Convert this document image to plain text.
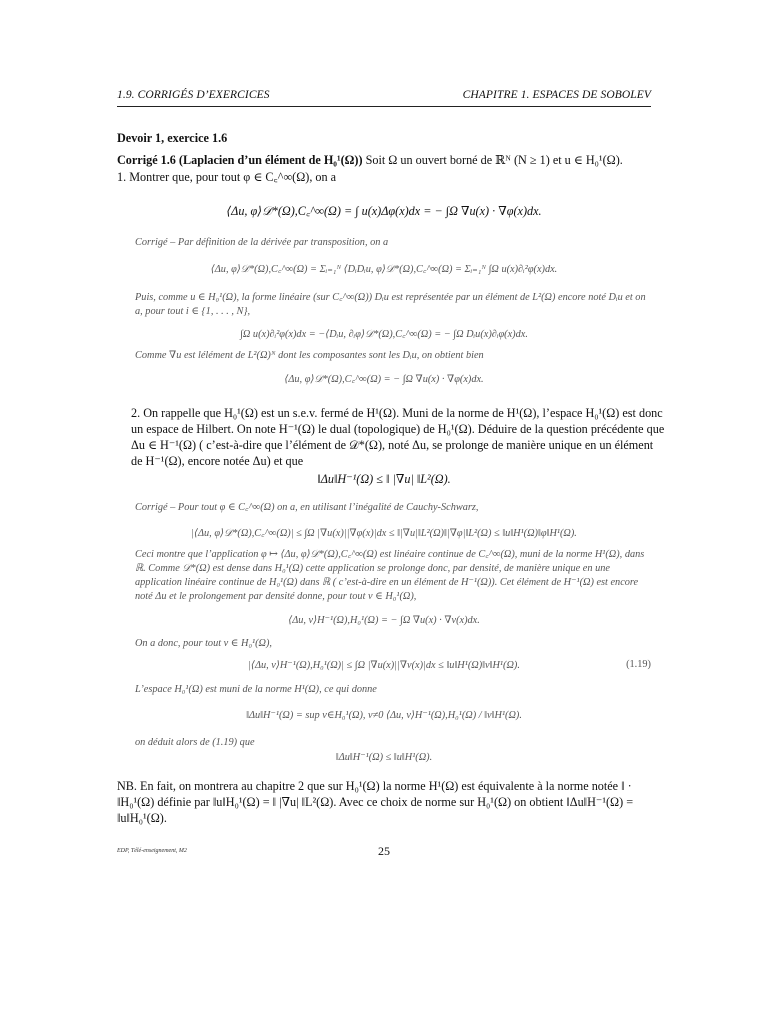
1.9. CORRIGÉS D’EXERCICES	CHAPITRE 1. ESPACES DE SOBOLEV
Devoir 1, exercice 1.6
Corrigé 1.6 (Laplacien d’un élément de H₀¹(Ω)) Soit Ω un ouvert borné de ℝᴺ (N ≥ 1) et u ∈ H₀¹(Ω).
1. Montrer que, pour tout φ ∈ C꜀^∞(Ω), on a
⟨Δu, φ⟩𝒟*(Ω),C꜀^∞(Ω) = ∫ u(x)Δφ(x)dx = − ∫Ω ∇u(x) · ∇φ(x)dx.
Corrigé – Par définition de la dérivée par transposition, on a
⟨Δu, φ⟩𝒟*(Ω),C꜀^∞(Ω) = Σᵢ₌₁ᴺ ⟨DᵢDᵢu, φ⟩𝒟*(Ω),C꜀^∞(Ω) = Σᵢ₌₁ᴺ ∫Ω u(x)∂ᵢ²φ(x)dx.
Puis, comme u ∈ H₀¹(Ω), la forme linéaire (sur C꜀^∞(Ω)) Dᵢu est représentée par un élément de L²(Ω) encore noté Dᵢu et on a, pour tout i ∈ {1, . . . , N},
∫Ω u(x)∂ᵢ²φ(x)dx = −⟨Dᵢu, ∂ᵢφ⟩𝒟*(Ω),C꜀^∞(Ω) = − ∫Ω Dᵢu(x)∂ᵢφ(x)dx.
Comme ∇u est lélément de L²(Ω)ᴺ dont les composantes sont les Dᵢu, on obtient bien
⟨Δu, φ⟩𝒟*(Ω),C꜀^∞(Ω) = − ∫Ω ∇u(x) · ∇φ(x)dx.
2. On rappelle que H₀¹(Ω) est un s.e.v. fermé de H¹(Ω). Muni de la norme de H¹(Ω), l’espace H₀¹(Ω) est donc un espace de Hilbert. On note H⁻¹(Ω) le dual (topologique) de H₀¹(Ω). Déduire de la question précédente que Δu ∈ H⁻¹(Ω) ( c’est-à-dire que l’élément de 𝒟*(Ω), noté Δu, se prolonge de manière unique en un élément de H⁻¹(Ω), encore notée Δu) et que
‖Δu‖H⁻¹(Ω) ≤ ‖ |∇u| ‖L²(Ω).
Corrigé – Pour tout φ ∈ C꜀^∞(Ω) on a, en utilisant l’inégalité de Cauchy-Schwarz,
|⟨Δu, φ⟩𝒟*(Ω),C꜀^∞(Ω)| ≤ ∫Ω |∇u(x)||∇φ(x)|dx ≤ ‖|∇u|‖L²(Ω)‖|∇φ|‖L²(Ω) ≤ ‖u‖H¹(Ω)‖φ‖H¹(Ω).
Ceci montre que l’application φ ↦ ⟨Δu, φ⟩𝒟*(Ω),C꜀^∞(Ω) est linéaire continue de C꜀^∞(Ω), muni de la norme H¹(Ω), dans ℝ. Comme 𝒟*(Ω) est dense dans H₀¹(Ω) cette application se prolonge donc, par densité, de manière unique en une application linéaire continue de H₀¹(Ω) dans ℝ ( c’est-à-dire en un élément de H⁻¹(Ω)). Cet élément de H⁻¹(Ω) est encore noté Δu et le prolongement par densité donne, pour tout v ∈ H₀¹(Ω),
⟨Δu, v⟩H⁻¹(Ω),H₀¹(Ω) = − ∫Ω ∇u(x) · ∇v(x)dx.
On a donc, pour tout v ∈ H₀¹(Ω),
|⟨Δu, v⟩H⁻¹(Ω),H₀¹(Ω)| ≤ ∫Ω |∇u(x)||∇v(x)|dx ≤ ‖u‖H¹(Ω)‖v‖H¹(Ω).	(1.19)
L’espace H₀¹(Ω) est muni de la norme H¹(Ω), ce qui donne
‖Δu‖H⁻¹(Ω) = sup v∈H₀¹(Ω), v≠0 ⟨Δu, v⟩H⁻¹(Ω),H₀¹(Ω) / ‖v‖H¹(Ω).
on déduit alors de (1.19) que
‖Δu‖H⁻¹(Ω) ≤ ‖u‖H¹(Ω).
NB. En fait, on montrera au chapitre 2 que sur H₀¹(Ω) la norme H¹(Ω) est équivalente à la norme notée ‖ · ‖H₀¹(Ω) définie par ‖u‖H₀¹(Ω) = ‖ |∇u| ‖L²(Ω). Avec ce choix de norme sur H₀¹(Ω) on obtient ‖Δu‖H⁻¹(Ω) = ‖u‖H₀¹(Ω).
EDP, Télé-enseignement, M2	25
